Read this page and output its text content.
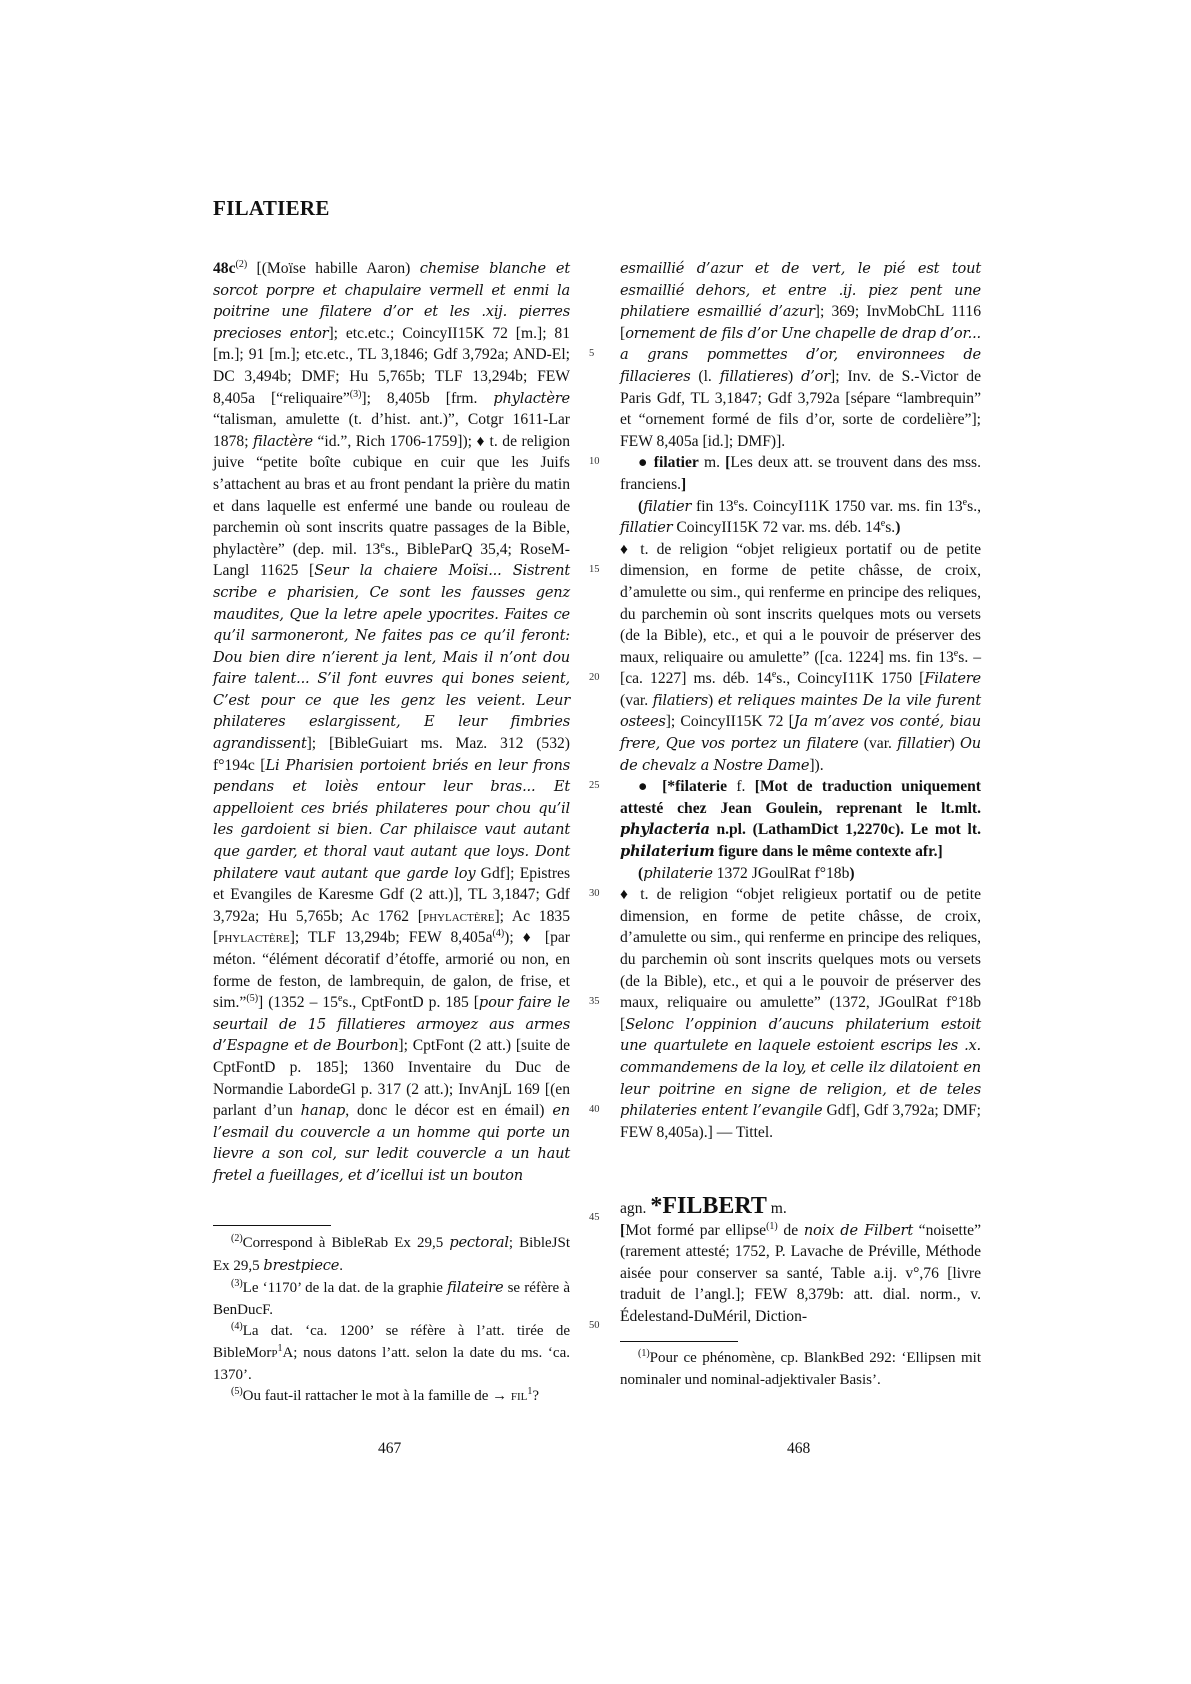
FILATIERE

$48c^{(2)}$ [(Moïse habille Aaron) chemise blanche et sorcot porpre et chapulaire vermell et enmi la poitrine une filatere d’or et les .xij. pierres precioses entor]; etc.etc.; CoincyII15K 72 [m.]; 81 [m.]; 91 [m.]; etc.etc., TL 3,1846; Gdf 3,792a; AND-El; DC 3,494b; DMF; Hu 5,765b; TLF 13,294b; FEW 8,405a [“reliquaire”$^{(3)}$]; 8,405b [frm. phylactère “talisman, amulette (t. d’hist. ant.)”, Cotgr 1611-Lar 1878; filactère “id.”, Rich 1706-1759]); ♦ t. de religion juive “petite boîte cubique en cuir que les Juifs s’attachent au bras et au front pendant la prière du matin et dans laquelle est enfermé une bande ou rouleau de parchemin où sont inscrits quatre passages de la Bible, phylactère” (dep. mil. 13es., BibleParQ 35,4; RoseM-Langl 11625 [Seur la chaiere Moïsi... Sistrent scribe e pharisien, Ce sont les fausses genz maudites, Que la letre apele ypocrites. Faites ce qu’il sarmoneront, Ne faites pas ce qu’il feront: Dou bien dire n’ierent ja lent, Mais il n’ont dou faire talent... S’il font euvres qui bones seient, C’est pour ce que les genz les veient. Leur philateres eslargissent, E leur fimbries agrandissent]; [BibleGuiart ms. Maz. 312 (532) f°194c [Li Pharisien portoient briés en leur frons pendans et loiès entour leur bras... Et appelloient ces briés philateres pour chou qu’il les gardoient si bien. Car philaisce vaut autant que garder, et thoral vaut autant que loys. Dont philatere vaut autant que garde loy Gdf]; Epistres et Evangiles de Karesme Gdf (2 att.)], TL 3,1847; Gdf 3,792a; Hu 5,765b; Ac 1762 [phylactère]; Ac 1835 [phylactère]; TLF 13,294b; FEW $8,405a^{(4)}$); ♦ [par méton. “élément décoratif d’étoffe, armorié ou non, en forme de feston, de lambrequin, de galon, de frise, et sim.”$^{(5)}$] (1352 – 15es., CptFontD p. 185 [pour faire le seurtail de 15 fillatieres armoyez aus armes d’Espagne et de Bourbon]; CptFont (2 att.) [suite de CptFontD p. 185]; 1360 Inventaire du Duc de Normandie LabordeGl p. 317 (2 att.); InvAnjL 169 [(en parlant d’un hanap, donc le décor est en émail) en l’esmail du couvercle a un homme qui porte un lievre a son col, sur ledit couvercle a un haut fretel a fueillages, et d’icellui ist un bouton

5
10
15
20
25
30
35
40
45
50

$^{(2)}$Correspond à BibleRab Ex 29,5 pectoral; BibleJSt Ex 29,5 brestpiece.

$^{(3)}$Le ‘1170’ de la dat. de la graphie filateire se réfère à BenDucF.

$^{(4)}$La dat. ‘ca. 1200’ se réfère à l’att. tirée de BibleMorp$^1$A; nous datons l’att. selon la date du ms. ‘ca. 1370’.

$^{(5)}$Ou faut-il rattacher le mot à la famille de → fil$^1$?

esmaillié d’azur et de vert, le pié est tout esmaillié dehors, et entre .ij. piez pent une philatiere esmaillié d’azur]; 369; InvMobChL 1116 [ornement de fils d’or Une chapelle de drap d’or... a grans pommettes d’or, environnees de fillacieres (l. fillatieres) d’or]; Inv. de S.-Victor de Paris Gdf, TL 3,1847; Gdf 3,792a [sépare “lambrequin” et “ornement formé de fils d’or, sorte de cordelière”]; FEW 8,405a [id.]; DMF)].

● filatier m. [Les deux att. se trouvent dans des mss. franciens.]

(filatier fin 13es. CoincyI11K 1750 var. ms. fin 13es., fillatier CoincyII15K 72 var. ms. déb. 14es.)

♦ t. de religion “objet religieux portatif ou de petite dimension, en forme de petite châsse, de croix, d’amulette ou sim., qui renferme en principe des reliques, du parchemin où sont inscrits quelques mots ou versets (de la Bible), etc., et qui a le pouvoir de préserver des maux, reliquaire ou amulette” ([ca. 1224] ms. fin 13es. – [ca. 1227] ms. déb. 14es., CoincyI11K 1750 [Filatere (var. filatiers) et reliques maintes De la vile furent ostees]; CoincyII15K 72 [Ja m’avez vos conté, biau frere, Que vos portez un filatere (var. fillatier) Ou de chevalz a Nostre Dame]).

● [*filaterie f. [Mot de traduction uniquement attesté chez Jean Goulein, reprenant le lt.mlt. phylacteria n.pl. (LathamDict 1,2270c). Le mot lt. philaterium figure dans le même contexte afr.]

(philaterie 1372 JGoulRat f°18b)

♦ t. de religion “objet religieux portatif ou de petite dimension, en forme de petite châsse, de croix, d’amulette ou sim., qui renferme en principe des reliques, du parchemin où sont inscrits quelques mots ou versets (de la Bible), etc., et qui a le pouvoir de préserver des maux, reliquaire ou amulette” (1372, JGoulRat f°18b [Selonc l’oppinion d’aucuns philaterium estoit une quartulete en laquele estoient escrips les .x. commandemens de la loy, et celle ilz dilatoient en leur poitrine en signe de religion, et de teles philateries entent l’evangile Gdf], Gdf 3,792a; DMF; FEW 8,405a).] — Tittel.

agn. *FILBERT m.

[Mot formé par ellipse$^{(1)}$ de noix de Filbert “noisette” (rarement attesté; 1752, P. Lavache de Préville, Méthode aisée pour conserver sa santé, Table a.ij. v°,76 [livre traduit de l’angl.]; FEW 8,379b: att. dial. norm., v. Édelestand-DuMéril, Diction-

$^{(1)}$Pour ce phénomène, cp. BlankBed 292: ‘Ellipsen mit nominaler und nominal-adjektivaler Basis’.

467	468
